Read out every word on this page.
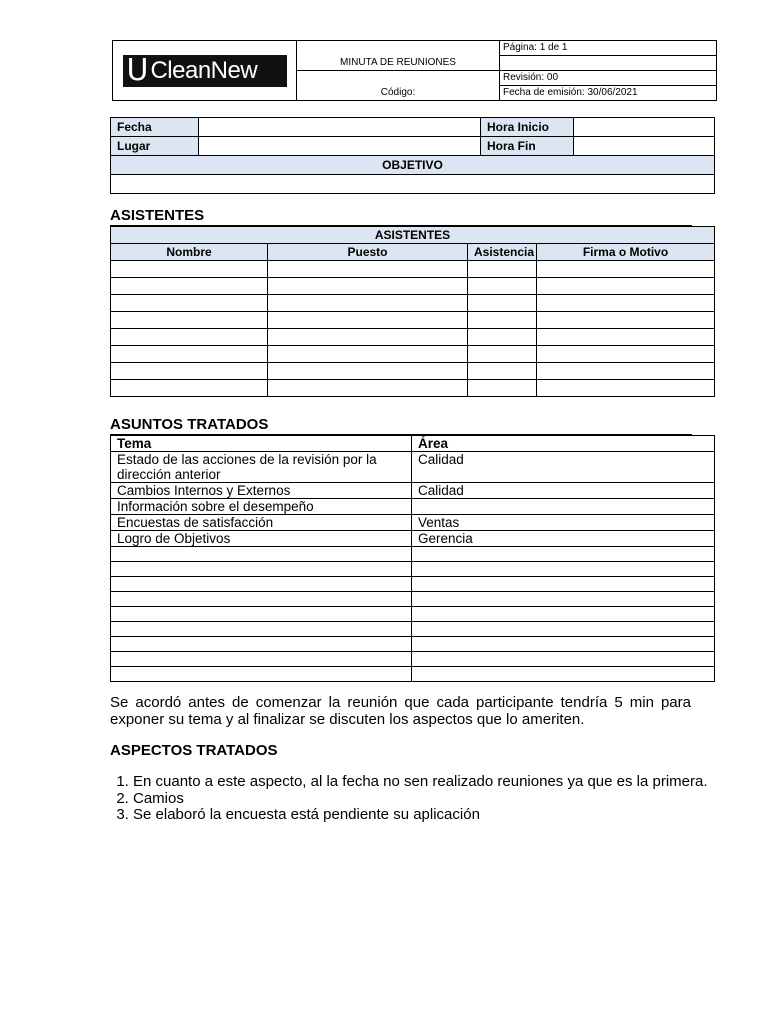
U CleanNew	MINUTA DE REUNIONES	Página: 1 de 1

	Código:	Revisión: 00
		Fecha de emisión: 30/06/2021
Fecha		Hora Inicio	
Lugar		Hora Fin	
OBJETIVO			

ASISTENTES
ASISTENTES			
Nombre	Puesto	Asistencia	Firma o Motivo

ASUNTOS TRATADOS
Tema	Área
Estado de las acciones de la revisión por la dirección anterior	Calidad
Cambios Internos y Externos	Calidad
Información sobre el desempeño	
Encuestas de satisfacción	Ventas
Logro de Objetivos	Gerencia

Se acordó antes de comenzar la reunión que cada participante tendría 5 min para exponer su tema y al finalizar se discuten los aspectos que lo ameriten.

ASPECTOS TRATADOS

1. En cuanto a este aspecto, al la fecha no sen realizado reuniones ya que es la primera.
2. Camios
3. Se elaboró la encuesta está pendiente su aplicación
